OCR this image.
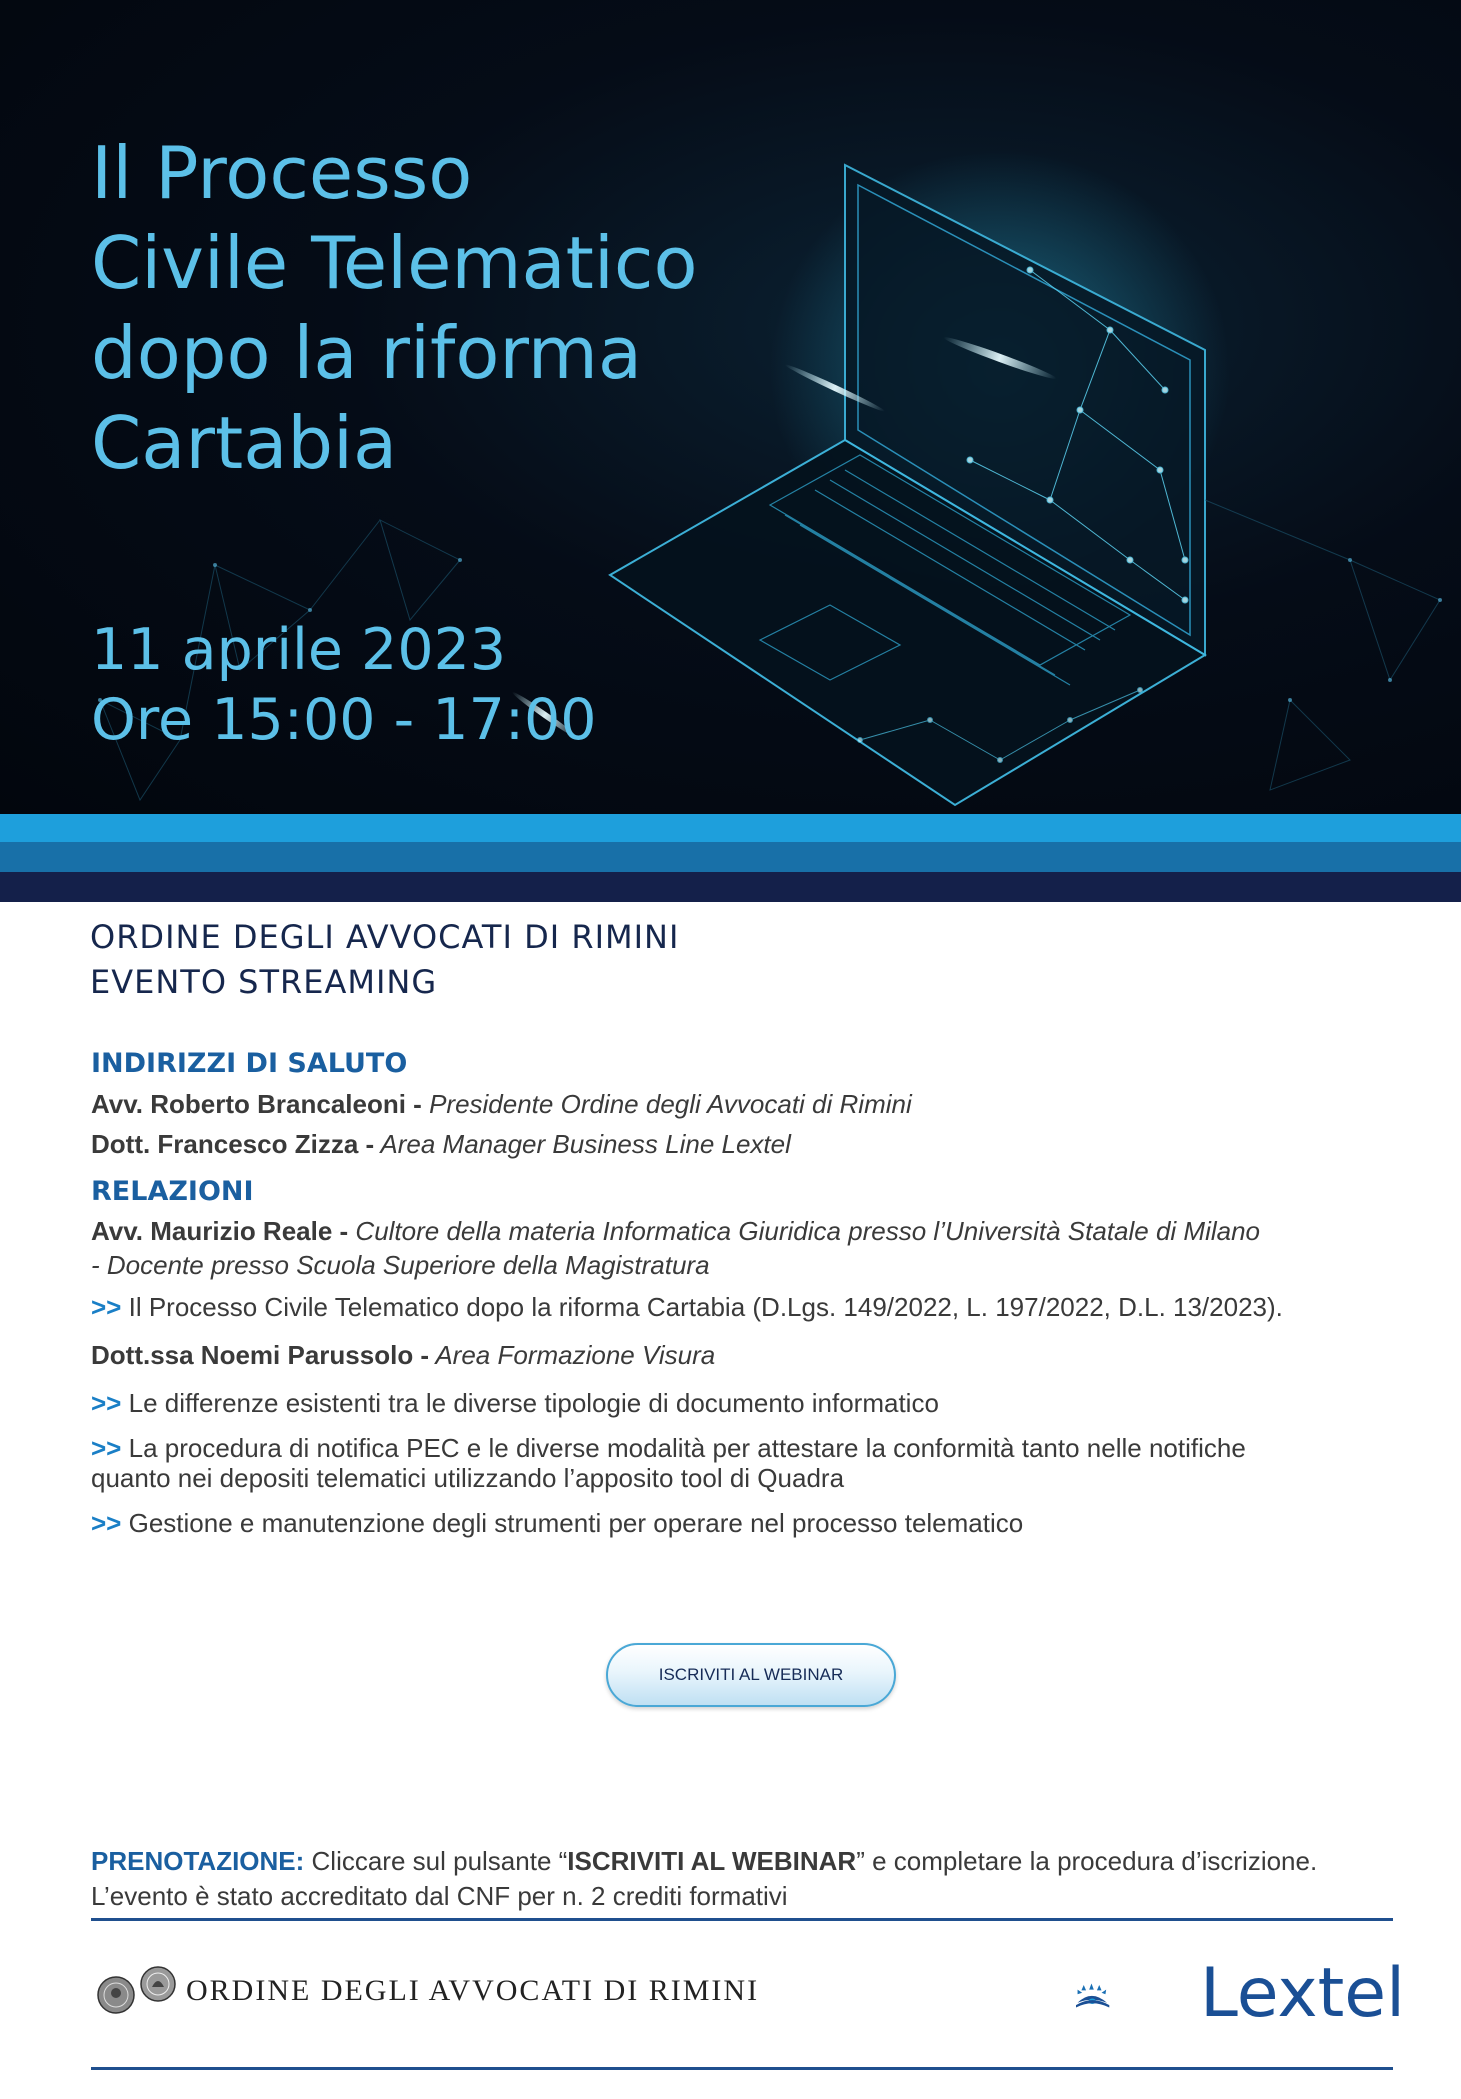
Il Processo
Civile Telematico
dopo la riforma
Cartabia
11 aprile 2023
Ore 15:00 - 17:00
ORDINE DEGLI AVVOCATI DI RIMINI
EVENTO STREAMING
INDIRIZZI DI SALUTO
Avv. Roberto Brancaleoni - Presidente Ordine degli Avvocati di Rimini
Dott. Francesco Zizza - Area Manager Business Line Lextel
RELAZIONI
Avv. Maurizio Reale - Cultore della materia Informatica Giuridica presso l’Università Statale di Milano
- Docente presso Scuola Superiore della Magistratura
>> Il Processo Civile Telematico dopo la riforma Cartabia (D.Lgs. 149/2022, L. 197/2022, D.L. 13/2023).
Dott.ssa Noemi Parussolo - Area Formazione Visura
>> Le differenze esistenti tra le diverse tipologie di documento informatico
>> La procedura di notifica PEC e le diverse modalità per attestare la conformità tanto nelle notifiche
quanto nei depositi telematici utilizzando l’apposito tool di Quadra
>> Gestione e manutenzione degli strumenti per operare nel processo telematico
ISCRIVITI AL WEBINAR
PRENOTAZIONE: Cliccare sul pulsante “ISCRIVITI AL WEBINAR” e completare la procedura d’iscrizione.
L’evento è stato accreditato dal CNF per n. 2 crediti formativi
ORDINE DEGLI AVVOCATI DI RIMINI	Lextel
